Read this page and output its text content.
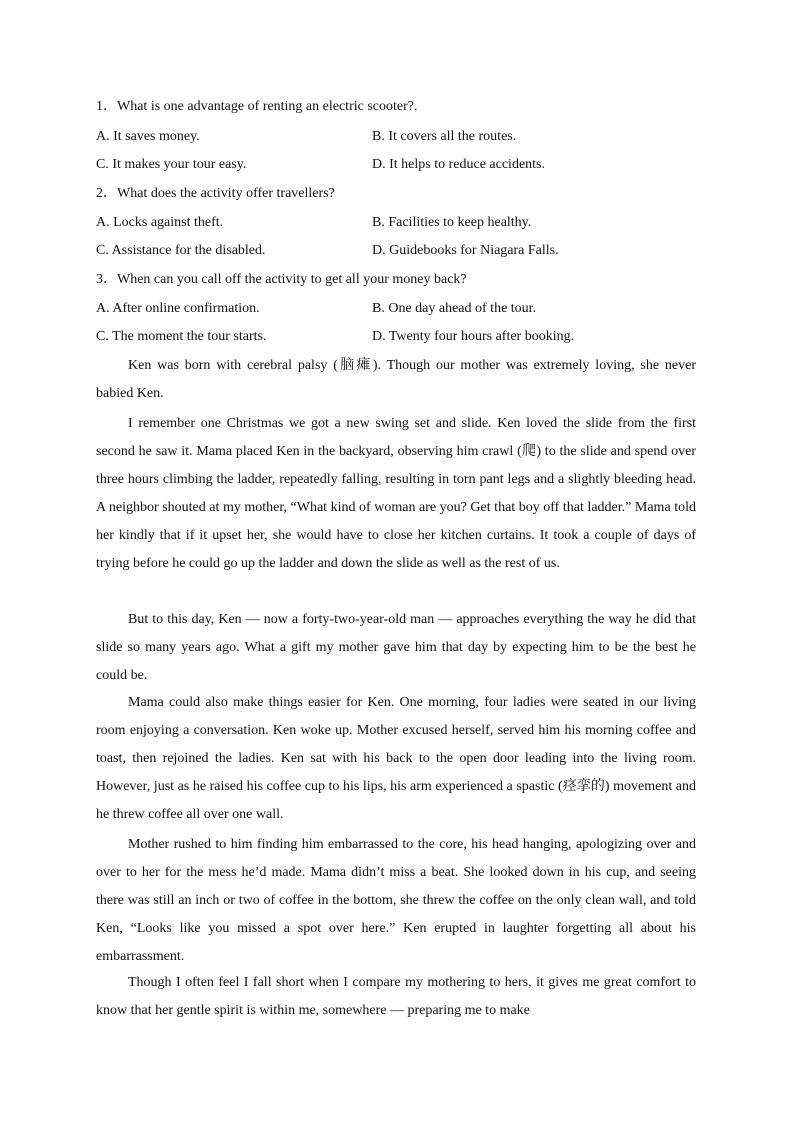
1．What is one advantage of renting an electric scooter?.
A. It saves money.	B. It covers all the routes.
C. It makes your tour easy.	D. It helps to reduce accidents.
2．What does the activity offer travellers?
A. Locks against theft.	B. Facilities to keep healthy.
C. Assistance for the disabled.	D. Guidebooks for Niagara Falls.
3．When can you call off the activity to get all your money back?
A. After online confirmation.	B. One day ahead of the tour.
C. The moment the tour starts.	D. Twenty four hours after booking.

Ken was born with cerebral palsy (脑瘫). Though our mother was extremely loving, she never babied Ken.

I remember one Christmas we got a new swing set and slide. Ken loved the slide from the first second he saw it. Mama placed Ken in the backyard, observing him crawl (爬) to the slide and spend over three hours climbing the ladder, repeatedly falling, resulting in torn pant legs and a slightly bleeding head. A neighbor shouted at my mother, “What kind of woman are you? Get that boy off that ladder.” Mama told her kindly that if it upset her, she would have to close her kitchen curtains. It took a couple of days of trying before he could go up the ladder and down the slide as well as the rest of us.

But to this day, Ken — now a forty-two-year-old man — approaches everything the way he did that slide so many years ago. What a gift my mother gave him that day by expecting him to be the best he could be.

Mama could also make things easier for Ken. One morning, four ladies were seated in our living room enjoying a conversation. Ken woke up. Mother excused herself, served him his morning coffee and toast, then rejoined the ladies. Ken sat with his back to the open door leading into the living room. However, just as he raised his coffee cup to his lips, his arm experienced a spastic (痉挛的) movement and he threw coffee all over one wall.

Mother rushed to him finding him embarrassed to the core, his head hanging, apologizing over and over to her for the mess he’d made. Mama didn’t miss a beat. She looked down in his cup, and seeing there was still an inch or two of coffee in the bottom, she threw the coffee on the only clean wall, and told Ken, “Looks like you missed a spot over here.” Ken erupted in laughter forgetting all about his embarrassment.

Though I often feel I fall short when I compare my mothering to hers, it gives me great comfort to know that her gentle spirit is within me, somewhere — preparing me to make
